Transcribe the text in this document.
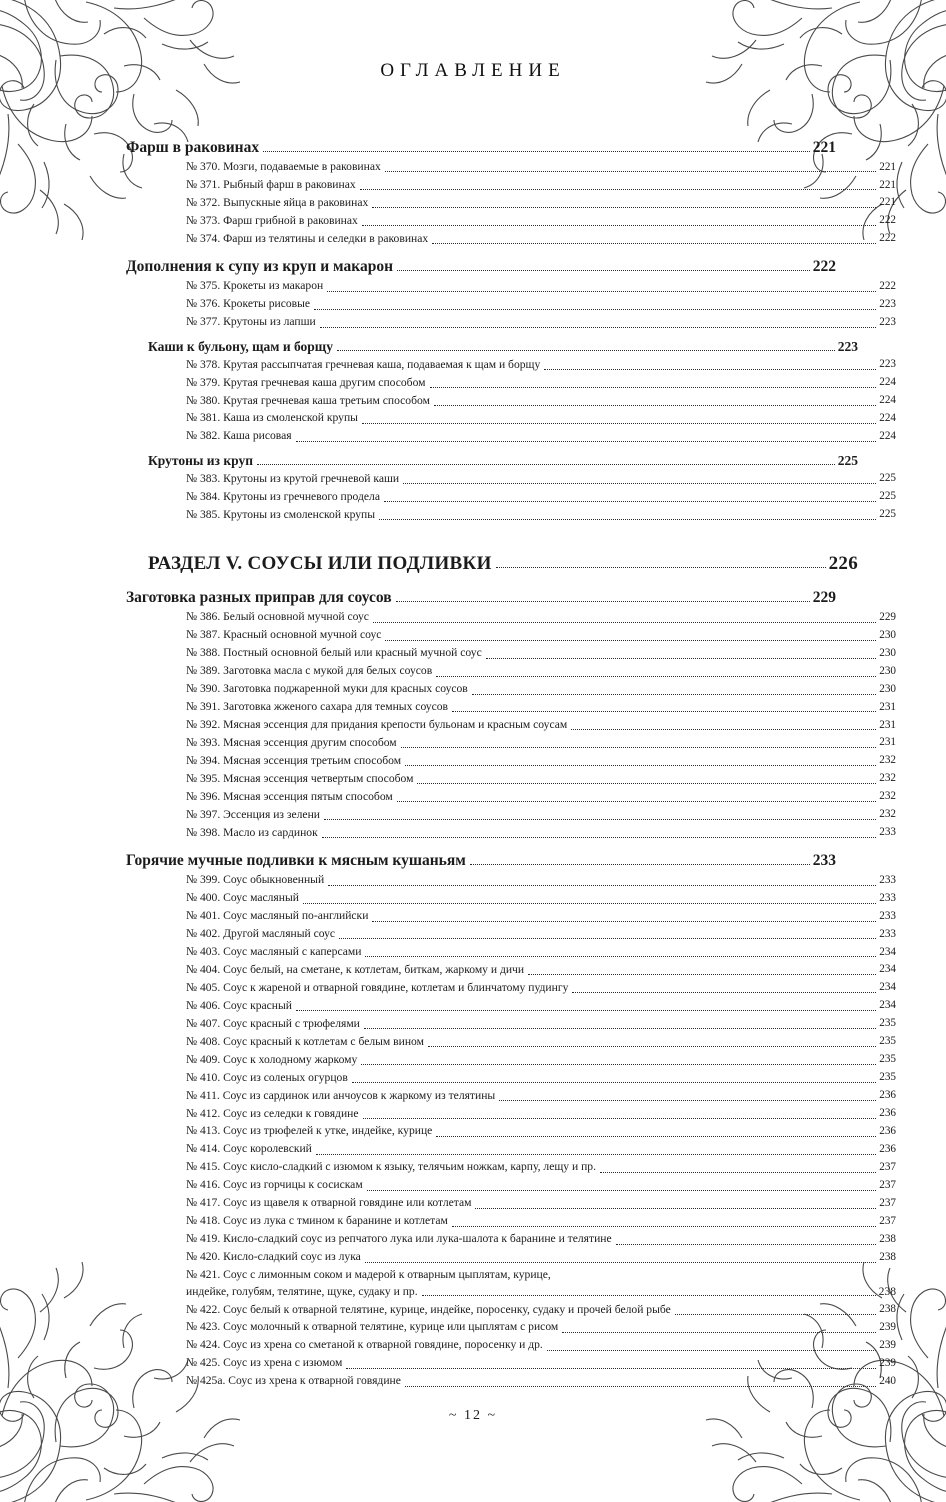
ОГЛАВЛЕНИЕ
Фарш в раковинах	221
№ 370. Мозги, подаваемые в раковинах	221
№ 371. Рыбный фарш в раковинах	221
№ 372. Выпускные яйца в раковинах	221
№ 373. Фарш грибной в раковинах	222
№ 374. Фарш из телятины и селедки в раковинах	222
Дополнения к супу из круп и макарон	222
№ 375. Крокеты из макарон	222
№ 376. Крокеты рисовые	223
№ 377. Крутоны из лапши	223
Каши к бульону, щам и борщу	223
№ 378. Крутая рассыпчатая гречневая каша, подаваемая к щам и борщу	223
№ 379. Крутая гречневая каша другим способом	224
№ 380. Крутая гречневая каша третьим способом	224
№ 381. Каша из смоленской крупы	224
№ 382. Каша рисовая	224
Крутоны из круп	225
№ 383. Крутоны из крутой гречневой каши	225
№ 384. Крутоны из гречневого продела	225
№ 385. Крутоны из смоленской крупы	225
РАЗДЕЛ V. СОУСЫ ИЛИ ПОДЛИВКИ	226
Заготовка разных приправ для соусов	229
№ 386. Белый основной мучной соус	229
№ 387. Красный основной мучной соус	230
№ 388. Постный основной белый или красный мучной соус	230
№ 389. Заготовка масла с мукой для белых соусов	230
№ 390. Заготовка поджаренной муки для красных соусов	230
№ 391. Заготовка жженого сахара для темных соусов	231
№ 392. Мясная эссенция для придания крепости бульонам и красным соусам	231
№ 393. Мясная эссенция другим способом	231
№ 394. Мясная эссенция третьим способом	232
№ 395. Мясная эссенция четвертым способом	232
№ 396. Мясная эссенция пятым способом	232
№ 397. Эссенция из зелени	232
№ 398. Масло из сардинок	233
Горячие мучные подливки к мясным кушаньям	233
№ 399. Соус обыкновенный	233
№ 400. Соус масляный	233
№ 401. Соус масляный по-английски	233
№ 402. Другой масляный соус	233
№ 403. Соус масляный с каперсами	234
№ 404. Соус белый, на сметане, к котлетам, биткам, жаркому и дичи	234
№ 405. Соус к жареной и отварной говядине, котлетам и блинчатому пудингу	234
№ 406. Соус красный	234
№ 407. Соус красный с трюфелями	235
№ 408. Соус красный к котлетам с белым вином	235
№ 409. Соус к холодному жаркому	235
№ 410. Соус из соленых огурцов	235
№ 411. Соус из сардинок или анчоусов к жаркому из телятины	236
№ 412. Соус из селедки к говядине	236
№ 413. Соус из трюфелей к утке, индейке, курице	236
№ 414. Соус королевский	236
№ 415. Соус кисло-сладкий с изюмом к языку, телячьим ножкам, карпу, лещу и пр.	237
№ 416. Соус из горчицы к сосискам	237
№ 417. Соус из щавеля к отварной говядине или котлетам	237
№ 418. Соус из лука с тмином к баранине и котлетам	237
№ 419. Кисло-сладкий соус из репчатого лука или лука-шалота к баранине и телятине	238
№ 420. Кисло-сладкий соус из лука	238
№ 421. Соус с лимонным соком и мадерой к отварным цыплятам, курице,
индейке, голубям, телятине, щуке, судаку и пр.	238
№ 422. Соус белый к отварной телятине, курице, индейке, поросенку, судаку и прочей белой рыбе	238
№ 423. Соус молочный к отварной телятине, курице или цыплятам с рисом	239
№ 424. Соус из хрена со сметаной к отварной говядине, поросенку и др.	239
№ 425. Соус из хрена с изюмом	239
№ 425a. Соус из хрена к отварной говядине	240
~ 12 ~
